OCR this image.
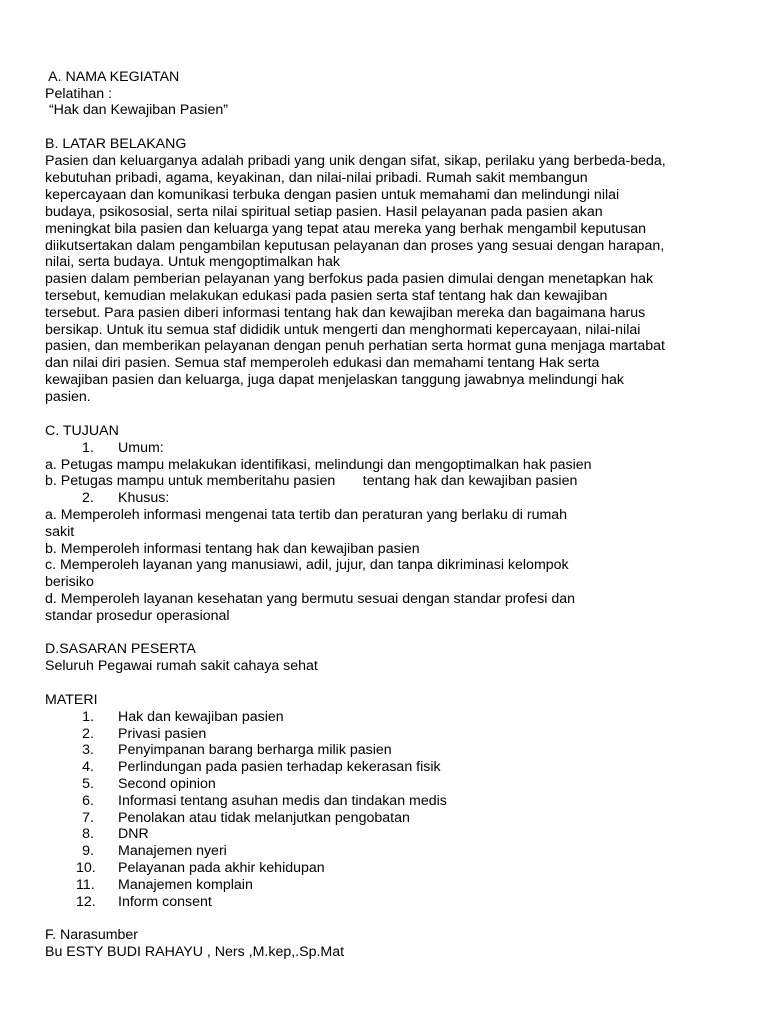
A. NAMA KEGIATAN
Pelatihan :
“Hak dan Kewajiban Pasien”
B. LATAR BELAKANG
Pasien dan keluarganya adalah pribadi yang unik dengan sifat, sikap, perilaku yang berbeda-beda,
kebutuhan pribadi, agama, keyakinan, dan nilai-nilai pribadi. Rumah sakit membangun
kepercayaan dan komunikasi terbuka dengan pasien untuk memahami dan melindungi nilai
budaya, psikososial, serta nilai spiritual setiap pasien. Hasil pelayanan pada pasien akan
meningkat bila pasien dan keluarga yang tepat atau mereka yang berhak mengambil keputusan
diikutsertakan dalam pengambilan keputusan pelayanan dan proses yang sesuai dengan harapan,
nilai, serta budaya. Untuk mengoptimalkan hak
pasien dalam pemberian pelayanan yang berfokus pada pasien dimulai dengan menetapkan hak
tersebut, kemudian melakukan edukasi pada pasien serta staf tentang hak dan kewajiban
tersebut. Para pasien diberi informasi tentang hak dan kewajiban mereka dan bagaimana harus
bersikap. Untuk itu semua staf dididik untuk mengerti dan menghormati kepercayaan, nilai-nilai
pasien, dan memberikan pelayanan dengan penuh perhatian serta hormat guna menjaga martabat
dan nilai diri pasien. Semua staf memperoleh edukasi dan memahami tentang Hak serta
kewajiban pasien dan keluarga, juga dapat menjelaskan tanggung jawabnya melindungi hak
pasien.
C. TUJUAN
1. Umum:
a. Petugas mampu melakukan identifikasi, melindungi dan mengoptimalkan hak pasien
b. Petugas mampu untuk memberitahu pasien       tentang hak dan kewajiban pasien
2. Khusus:
a. Memperoleh informasi mengenai tata tertib dan peraturan yang berlaku di rumah
sakit
b. Memperoleh informasi tentang hak dan kewajiban pasien
c. Memperoleh layanan yang manusiawi, adil, jujur, dan tanpa dikriminasi kelompok
berisiko
d. Memperoleh layanan kesehatan yang bermutu sesuai dengan standar profesi dan
standar prosedur operasional
D.SASARAN PESERTA
Seluruh Pegawai rumah sakit cahaya sehat
MATERI
1. Hak dan kewajiban pasien
2. Privasi pasien
3. Penyimpanan barang berharga milik pasien
4. Perlindungan pada pasien terhadap kekerasan fisik
5. Second opinion
6. Informasi tentang asuhan medis dan tindakan medis
7. Penolakan atau tidak melanjutkan pengobatan
8. DNR
9. Manajemen nyeri
10. Pelayanan pada akhir kehidupan
11. Manajemen komplain
12. Inform consent
F. Narasumber
Bu ESTY BUDI RAHAYU , Ners ,M.kep,.Sp.Mat
